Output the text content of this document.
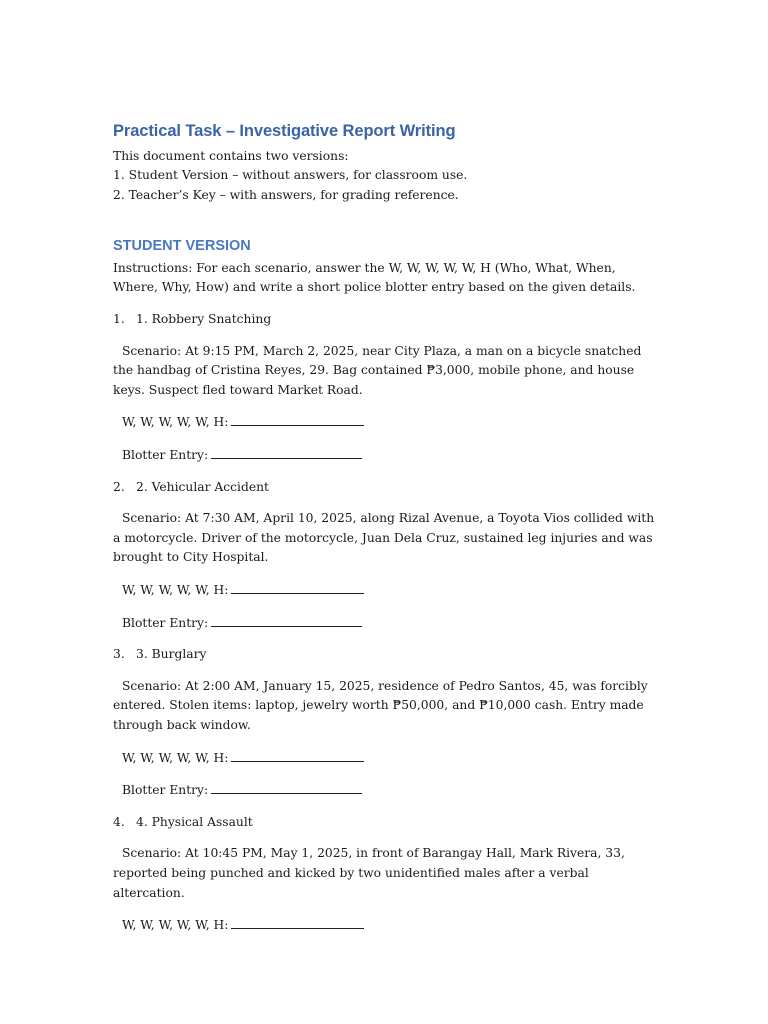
Practical Task – Investigative Report Writing

This document contains two versions:

1. Student Version – without answers, for classroom use.

2. Teacher’s Key – with answers, for grading reference.

STUDENT VERSION

Instructions: For each scenario, answer the W, W, W, W, W, H (Who, What, When, Where, Why, How) and write a short police blotter entry based on the given details.

1. 1. Robbery Snatching

Scenario: At 9:15 PM, March 2, 2025, near City Plaza, a man on a bicycle snatched the handbag of Cristina Reyes, 29. Bag contained ₱3,000, mobile phone, and house keys. Suspect fled toward Market Road.

W, W, W, W, W, H:

Blotter Entry:

2. 2. Vehicular Accident

Scenario: At 7:30 AM, April 10, 2025, along Rizal Avenue, a Toyota Vios collided with a motorcycle. Driver of the motorcycle, Juan Dela Cruz, sustained leg injuries and was brought to City Hospital.

W, W, W, W, W, H:

Blotter Entry:

3. 3. Burglary

Scenario: At 2:00 AM, January 15, 2025, residence of Pedro Santos, 45, was forcibly entered. Stolen items: laptop, jewelry worth ₱50,000, and ₱10,000 cash. Entry made through back window.

W, W, W, W, W, H:

Blotter Entry:

4. 4. Physical Assault

Scenario: At 10:45 PM, May 1, 2025, in front of Barangay Hall, Mark Rivera, 33, reported being punched and kicked by two unidentified males after a verbal altercation.

W, W, W, W, W, H:
